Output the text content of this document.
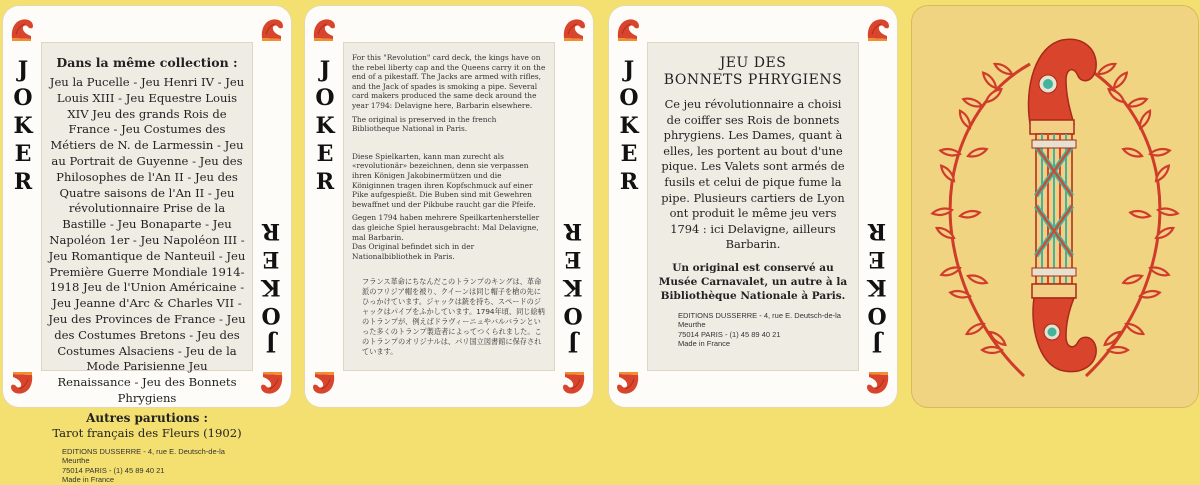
JOKER
JOKER
Dans la même collection :
Jeu la Pucelle - Jeu Henri IV - Jeu Louis XIII - Jeu Equestre Louis XIV Jeu des grands Rois de France - Jeu Costumes des Métiers de N. de Larmessin - Jeu au Portrait de Guyenne - Jeu des Philosophes de l'An II - Jeu des Quatre saisons de l'An II - Jeu révolutionnaire Prise de la Bastille - Jeu Bonaparte - Jeu Napoléon 1er - Jeu Napoléon III - Jeu Romantique de Nanteuil - Jeu Première Guerre Mondiale 1914-1918 Jeu de l'Union Américaine - Jeu Jeanne d'Arc & Charles VII - Jeu des Provinces de France - Jeu des Costumes Bretons - Jeu des Costumes Alsaciens - Jeu de la Mode Parisienne Jeu Renaissance - Jeu des Bonnets Phrygiens
Autres parutions :
Tarot français des Fleurs (1902)
EDITIONS DUSSERRE - 4, rue E. Deutsch-de-la Meurthe
75014 PARIS - (1) 45 89 40 21
Made in France
JOKER
JOKER

For this "Revolution" card deck, the kings have on the rebel liberty cap and the Queens carry it on the end of a pikestaff. The Jacks are armed with rifles, and the Jack of spades is smoking a pipe. Several card makers produced the same deck around the year 1794: Delavigne here, Barbarin elsewhere.

The original is preserved in the french Bibliotheque National in Paris.

Diese Spielkarten, kann man zurecht als «revolutionär» bezeichnen, denn sie verpassen ihren Königen Jakobinermützen und die Königinnen tragen ihren Kopfschmuck auf einer Pike aufgespießt. Die Buben sind mit Gewehren bewaffnet und der Pikbube raucht gar die Pfeife.

Gegen 1794 haben mehrere Speilkartenhersteller das gleiche Spiel herausgebracht: Mal Delavigne, mal Barbarin.

Das Original befindet sich in der Nationalbibliothek in Paris.

フランス革命にちなんだこのトランプのキングは、革命派のフリジア帽を被り、クイーンは同じ帽子を槍の先にひっかけています。ジャックは銃を持ち、スペードのジャックはパイプをふかしています。1794年頃、同じ絵柄のトランプが、例えばドラヴィーニュやバルバランといった多くのトランプ製造者によってつくられました。このトランプのオリジナルは、パリ国立図書館に保存されています。
JOKER
JOKER
JEU DES
BONNETS PHRYGIENS
Ce jeu révolutionnaire a choisi de coiffer ses Rois de bonnets phrygiens. Les Dames, quant à elles, les portent au bout d'une pique. Les Valets sont armés de fusils et celui de pique fume la pipe. Plusieurs cartiers de Lyon ont produit le même jeu vers 1794 : ici Delavigne, ailleurs Barbarin.
Un original est conservé au Musée Carnavalet, un autre à la Bibliothèque Nationale à Paris.
EDITIONS DUSSERRE - 4, rue E. Deutsch-de-la Meurthe
75014 PARIS - (1) 45 89 40 21
Made in France
